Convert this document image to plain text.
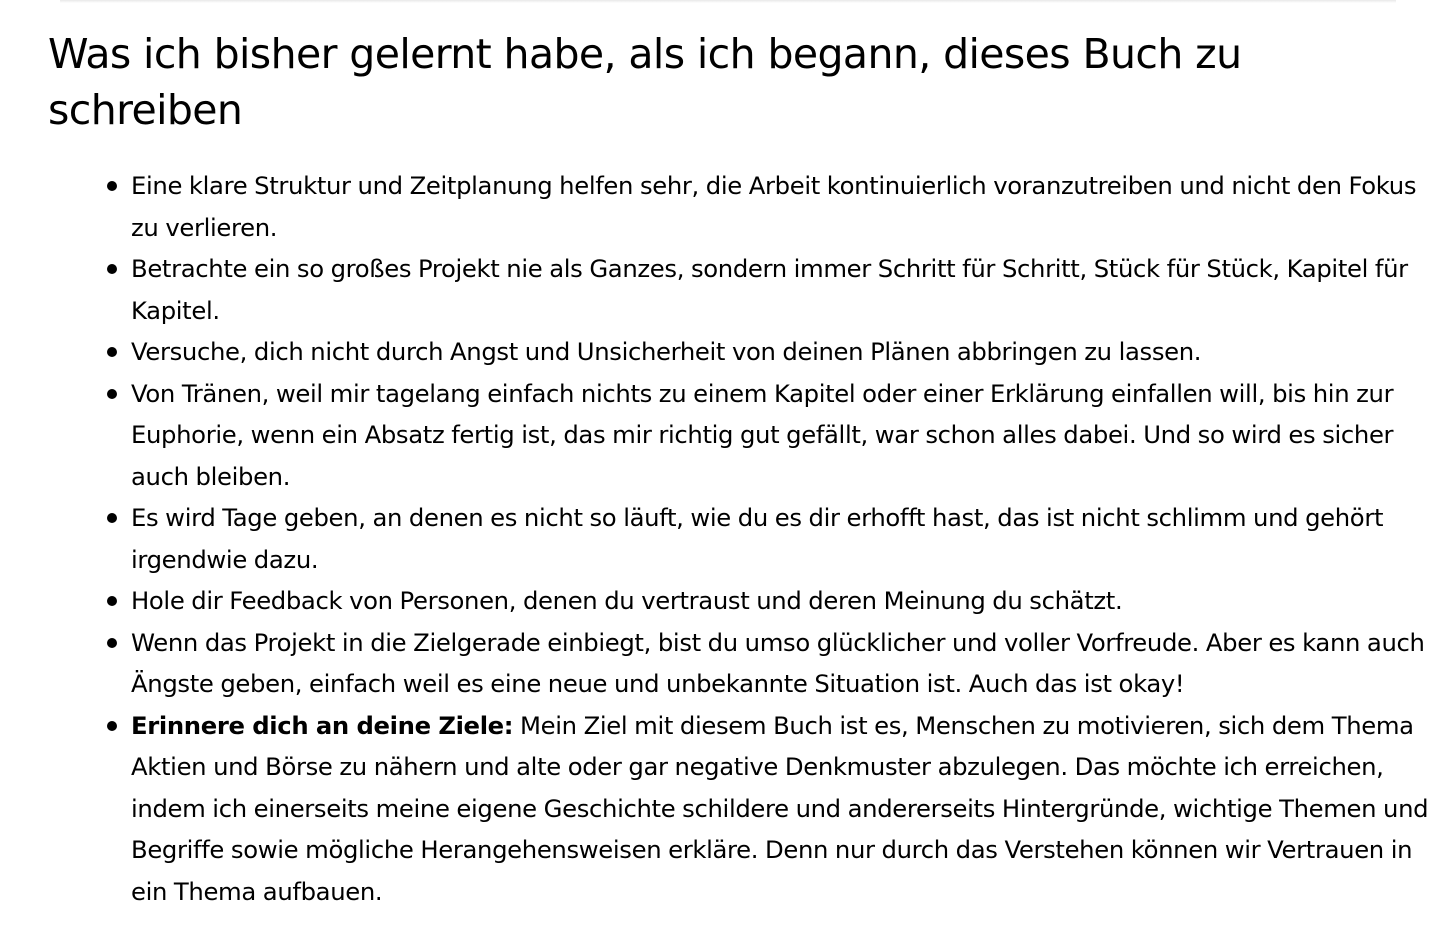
Was ich bisher gelernt habe, als ich begann, dieses Buch zu schreiben
Eine klare Struktur und Zeitplanung helfen sehr, die Arbeit kontinuierlich voranzutreiben und nicht den Fokus zu verlieren.
Betrachte ein so großes Projekt nie als Ganzes, sondern immer Schritt für Schritt, Stück für Stück, Kapitel für Kapitel.
Versuche, dich nicht durch Angst und Unsicherheit von deinen Plänen abbringen zu lassen.
Von Tränen, weil mir tagelang einfach nichts zu einem Kapitel oder einer Erklärung einfallen will, bis hin zur Euphorie, wenn ein Absatz fertig ist, das mir richtig gut gefällt, war schon alles dabei. Und so wird es sicher auch bleiben.
Es wird Tage geben, an denen es nicht so läuft, wie du es dir erhofft hast, das ist nicht schlimm und gehört irgendwie dazu.
Hole dir Feedback von Personen, denen du vertraust und deren Meinung du schätzt.
Wenn das Projekt in die Zielgerade einbiegt, bist du umso glücklicher und voller Vorfreude. Aber es kann auch Ängste geben, einfach weil es eine neue und unbekannte Situation ist. Auch das ist okay!
Erinnere dich an deine Ziele: Mein Ziel mit diesem Buch ist es, Menschen zu motivieren, sich dem Thema Aktien und Börse zu nähern und alte oder gar negative Denkmuster abzulegen. Das möchte ich erreichen, indem ich einerseits meine eigene Geschichte schildere und andererseits Hintergründe, wichtige Themen und Begriffe sowie mögliche Herangehensweisen erkläre. Denn nur durch das Verstehen können wir Vertrauen in ein Thema aufbauen.
